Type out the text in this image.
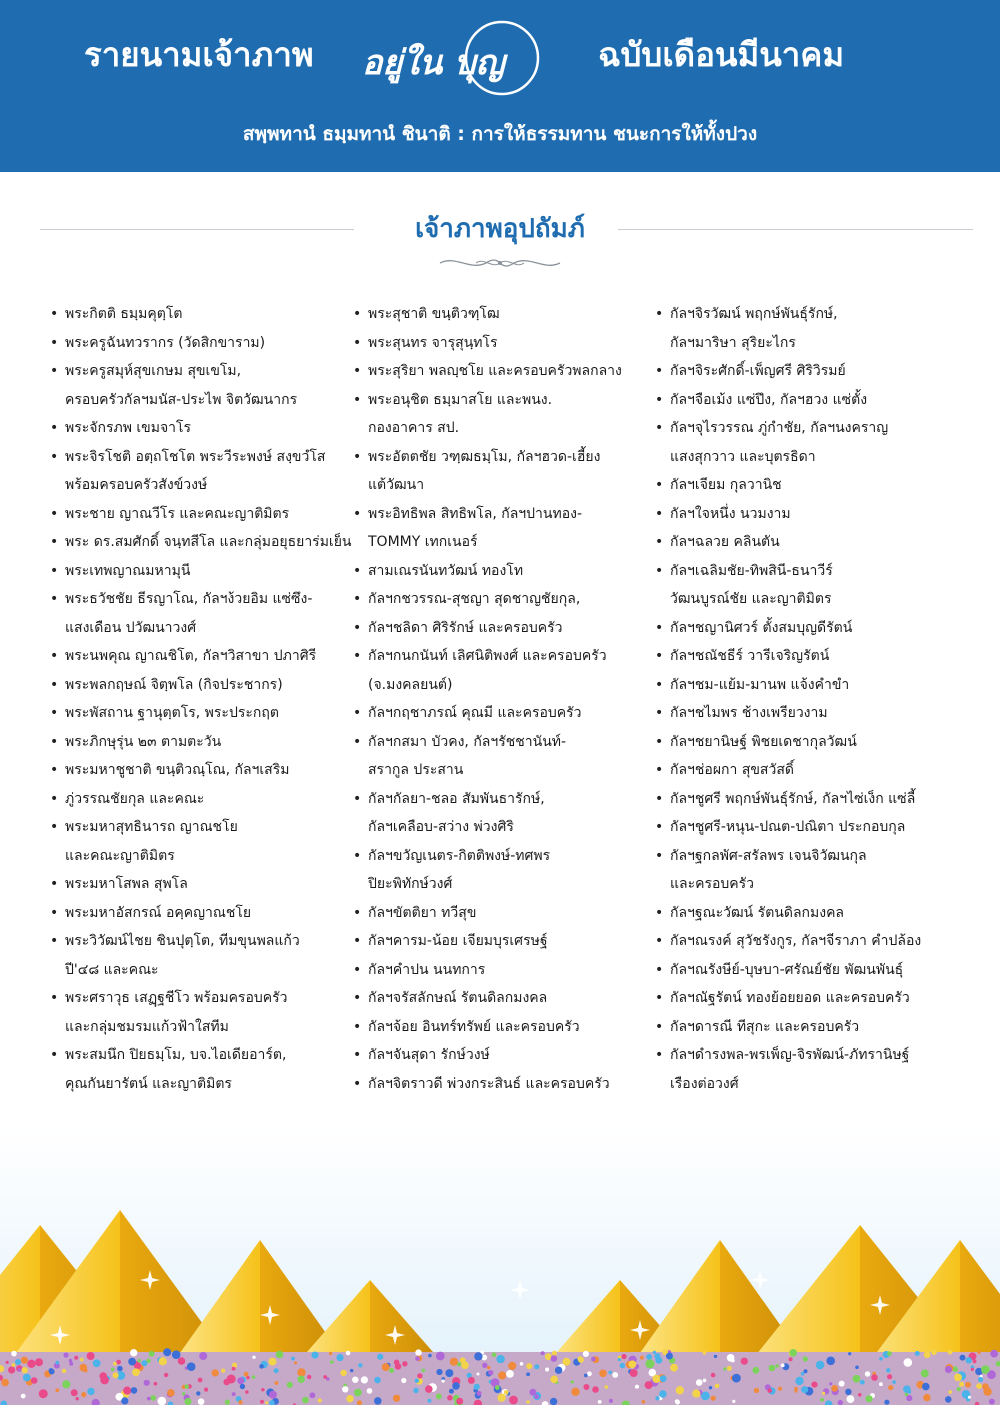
รายนามเจ้าภาพ อยู่ใน บุญ	ฉบับเดือนมีนาคม
สพฺพทานํ ธมฺมทานํ ชินาติ : การให้ธรรมทาน ชนะการให้ทั้งปวง
เจ้าภาพอุปถัมภ์
• พระกิตติ ธมฺมคุตฺโต
• พระครูฉันทวรากร (วัดสิกขาราม)
• พระครูสมุห์สุขเกษม สุขเขโม,
ครอบครัวกัลฯมนัส-ประไพ จิตวัฒนากร
• พระจักรภพ เขมจาโร
• พระจิรโชติ อตฺถโชโต พระวีระพงษ์ สงฺขวํโส
พร้อมครอบครัวสังข์วงษ์
• พระชาย ญาณวีโร และคณะญาติมิตร
• พระ ดร.สมศักดิ์ จนฺทสีโล และกลุ่มอยุธยาร่มเย็น
• พระเทพญาณมหามุนี
• พระธวัชชัย ธีรญาโณ, กัลฯง้วยอิม แซ่ซึง-
แสงเดือน ปวัฒนาวงศ์
• พระนพคุณ ญาณชิโต, กัลฯวิสาขา ปภาศิรี
• พระพลกฤษณ์ จิตฺพโล (กิจประชากร)
• พระพัสถาน ฐานุตฺตโร, พระประกฤต
• พระภิกษุรุ่น ๒๓ ตามตะวัน
• พระมหาชูชาติ ขนฺติวณฺโณ, กัลฯเสริม
• ภู่วรรณชัยกุล และคณะ
• พระมหาสุทธินารถ ญาณชโย
และคณะญาติมิตร
• พระมหาโสพล สุพโล
• พระมหาอัสกรณ์ อคฺคญาณชโย
• พระวิวัฒน์ไชย ชินปุตฺโต, ทีมขุนพลแก้ว
ปี'๔๘ และคณะ
• พระศราวุธ เสฏฺฐชีโว พร้อมครอบครัว
และกลุ่มชมรมแก้วฟ้าใสทีม
• พระสมนึก ปิยธมฺโม, บจ.ไอเดียอาร์ต,
คุณกันยารัตน์ และญาติมิตร
• พระสุชาติ ขนฺติวฑฺโฒ
• พระสุนทร จารุสุนฺทโร
• พระสุริยา พลญฺชโย และครอบครัวพลกลาง
• พระอนุชิต ธมฺมาสโย และพนง.
กองอาคาร สป.
• พระอัตตชัย วฑฺฒธมฺโม, กัลฯฮวด-เฮี้ยง
แต้วัฒนา
• พระอิทธิพล สิทธิพโล, กัลฯปานทอง-
TOMMY เทกเนอร์
• สามเณรนันทวัฒน์ ทองโท
• กัลฯกชวรรณ-สุชญา สุดชาญชัยกุล,
• กัลฯชลิดา ศิริรักษ์ และครอบครัว
• กัลฯกนกนันท์ เลิศนิติพงศ์ และครอบครัว
(จ.มงคลยนต์)
• กัลฯกฤชาภรณ์ คุณมี และครอบครัว
• กัลฯกสมา บัวคง, กัลฯรัชชานันท์-
สรากูล ประสาน
• กัลฯกัลยา-ชลอ สัมพันธารักษ์,
กัลฯเคลือบ-สว่าง พ่วงศิริ
• กัลฯขวัญเนตร-กิตติพงษ์-ทศพร
ปิยะพิทักษ์วงศ์
• กัลฯขัตติยา ทวีสุข
• กัลฯคารม-น้อย เจียมบุรเศรษฐ์
• กัลฯคำปน นนทการ
• กัลฯจรัสลักษณ์ รัตนดิลกมงคล
• กัลฯจ้อย อินทร์ทรัพย์ และครอบครัว
• กัลฯจันสุดา รักษ์วงษ์
• กัลฯจิตราวดี พ่วงกระสินธ์ และครอบครัว
• กัลฯจิรวัฒน์ พฤกษ์พันธุ์รักษ์,
กัลฯมาริษา สุริยะไกร
• กัลฯจิระศักดิ์-เพ็ญศรี ศิริวิรมย์
• กัลฯจือเม้ง แซ่ปึง, กัลฯฮวง แซ่ตั้ง
• กัลฯจุไรวรรณ ภู่กำชัย, กัลฯนงคราญ
แสงสุกวาว และบุตรธิดา
• กัลฯเจียม กุลวานิช
• กัลฯใจหนึ่ง นวมงาม
• กัลฯฉลวย คลินตัน
• กัลฯเฉลิมชัย-ทิพสินี-ธนาวีร์
วัฒนบูรณ์ชัย และญาติมิตร
• กัลฯชญานิศวร์ ตั้งสมบุญดีรัตน์
• กัลฯชณัชธีร์ วารีเจริญรัตน์
• กัลฯชม-แย้ม-มานพ แจ้งคำขำ
• กัลฯชไมพร ช้างเพรียวงาม
• กัลฯชยานิษฐ์ พิชยเดชากุลวัฒน์
• กัลฯช่อผกา สุขสวัสดิ์
• กัลฯชูศรี พฤกษ์พันธุ์รักษ์, กัลฯไซ่เง็ก แซ่ลี้
• กัลฯชูศรี-หนุน-ปณต-ปณิตา ประกอบกุล
• กัลฯฐกลพัศ-สรัลพร เจนจิวัฒนกุล
และครอบครัว
• กัลฯฐณะวัฒน์ รัตนดิลกมงคล
• กัลฯณรงค์ สุวัชรังกูร, กัลฯจีราภา คำปล้อง
• กัลฯณรังษีย์-บุษบา-ศรัณย์ชัย พัฒนพันธุ์
• กัลฯณัฐรัตน์ ทองย้อยยอด และครอบครัว
• กัลฯดารณี ทีสุกะ และครอบครัว
• กัลฯดำรงพล-พรเพ็ญ-จิรพัฒน์-ภัทรานิษฐ์
เรืองต่อวงศ์
